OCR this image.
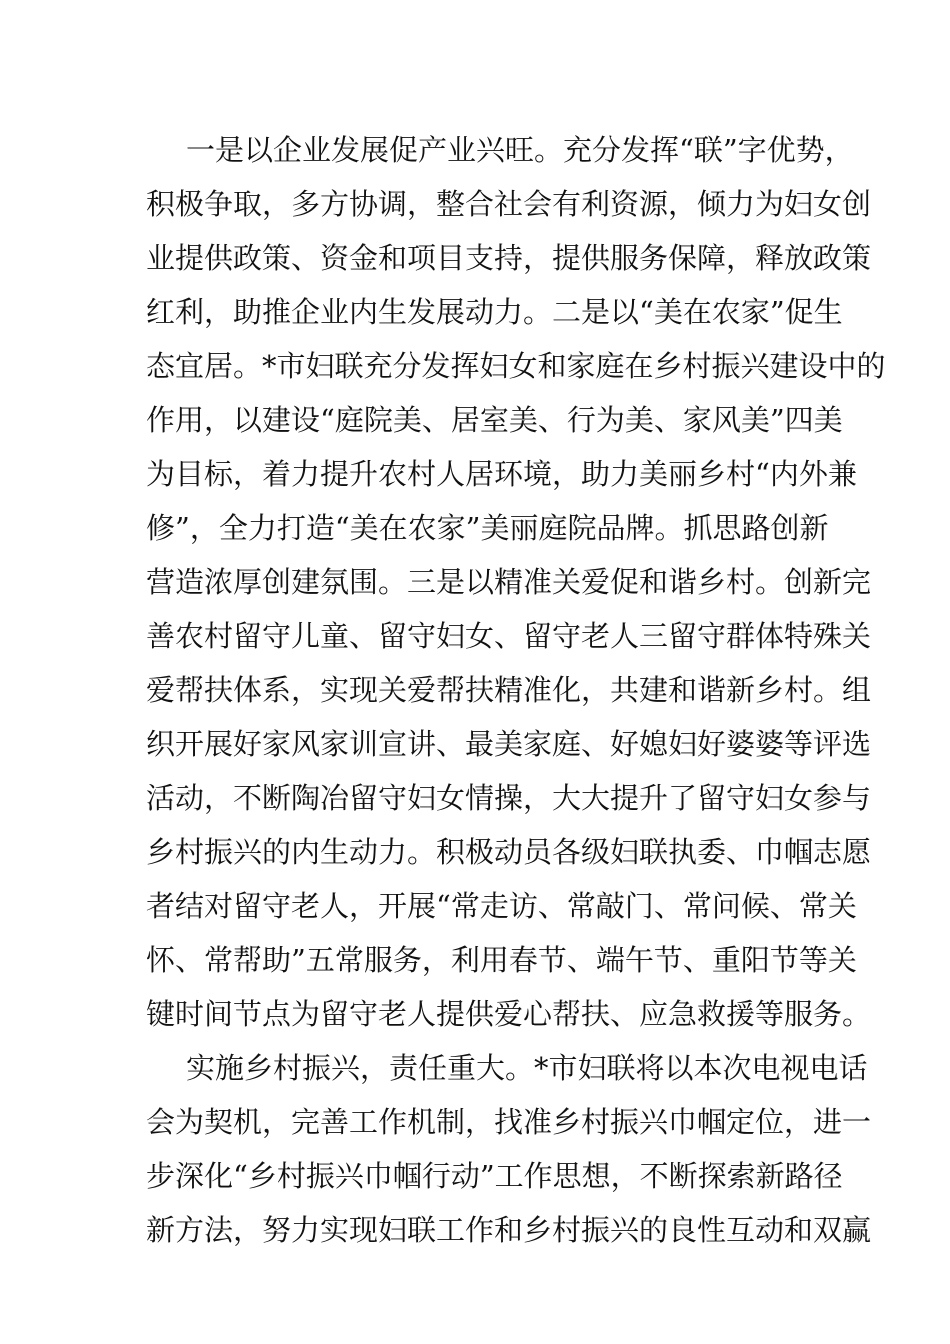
一是以企业发展促产业兴旺。充分发挥“联”字优势，
积极争取，多方协调，整合社会有利资源，倾力为妇女创
业提供政策、资金和项目支持，提供服务保障，释放政策
红利，助推企业内生发展动力。二是以“美在农家”促生
态宜居。*市妇联充分发挥妇女和家庭在乡村振兴建设中的
作用，以建设“庭院美、居室美、行为美、家风美”四美
为目标，着力提升农村人居环境，助力美丽乡村“内外兼
修”，全力打造“美在农家”美丽庭院品牌。抓思路创新
营造浓厚创建氛围。三是以精准关爱促和谐乡村。创新完
善农村留守儿童、留守妇女、留守老人三留守群体特殊关
爱帮扶体系，实现关爱帮扶精准化，共建和谐新乡村。组
织开展好家风家训宣讲、最美家庭、好媳妇好婆婆等评选
活动，不断陶冶留守妇女情操，大大提升了留守妇女参与
乡村振兴的内生动力。积极动员各级妇联执委、巾帼志愿
者结对留守老人，开展“常走访、常敲门、常问候、常关
怀、常帮助”五常服务，利用春节、端午节、重阳节等关
键时间节点为留守老人提供爱心帮扶、应急救援等服务。
实施乡村振兴，责任重大。*市妇联将以本次电视电话
会为契机，完善工作机制，找准乡村振兴巾帼定位，进一
步深化“乡村振兴巾帼行动”工作思想，不断探索新路径
新方法，努力实现妇联工作和乡村振兴的良性互动和双赢
